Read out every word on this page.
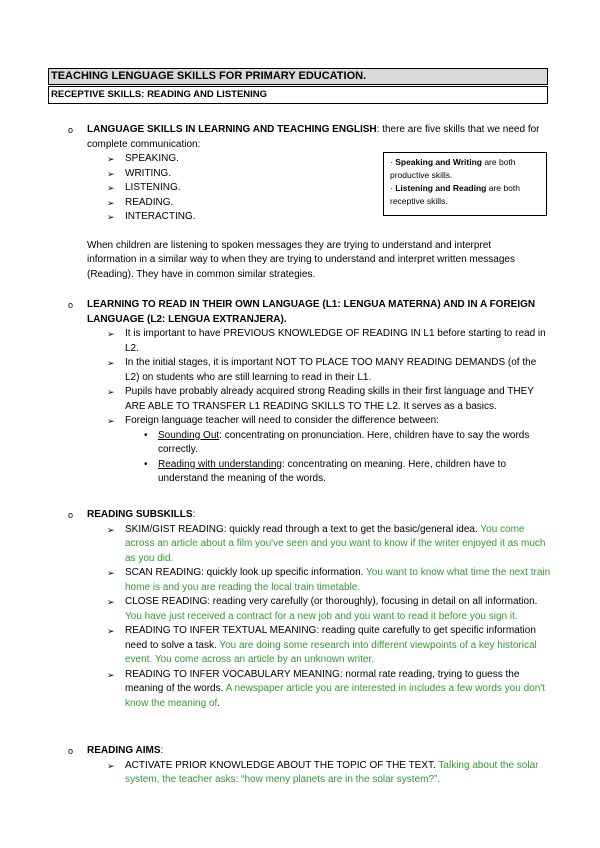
TEACHING LENGUAGE SKILLS FOR PRIMARY EDUCATION.
RECEPTIVE SKILLS: READING AND LISTENING

· Speaking and Writing are both productive skills.

· Listening and Reading are both receptive skills.

o LANGUAGE SKILLS IN LEARNING AND TEACHING ENGLISH: there are five skills that we need for complete communication:

➢ SPEAKING.
➢ WRITING.
➢ LISTENING.
➢ READING.
➢ INTERACTING.

When children are listening to spoken messages they are trying to understand and interpret information in a similar way to when they are trying to understand and interpret written messages (Reading). They have in common similar strategies.

o LEARNING TO READ IN THEIR OWN LANGUAGE (L1: LENGUA MATERNA) AND IN A FOREIGN LANGUAGE (L2: LENGUA EXTRANJERA).

➢ It is important to have PREVIOUS KNOWLEDGE OF READING IN L1 before starting to read in L2.
➢ In the initial stages, it is important NOT TO PLACE TOO MANY READING DEMANDS (of the L2) on students who are still learning to read in their L1.
➢ Pupils have probably already acquired strong Reading skills in their first language and THEY ARE ABLE TO TRANSFER L1 READING SKILLS TO THE L2. It serves as a basics.
➢ Foreign language teacher will need to consider the difference between:
• Sounding Out: concentrating on pronunciation. Here, children have to say the words correctly.
• Reading with understanding: concentrating on meaning. Here, children have to understand the meaning of the words.
o READING SUBSKILLS:

➢ SKIM/GIST READING: quickly read through a text to get the basic/general idea. You come across an article about a film you've seen and you want to know if the writer enjoyed it as much as you did.
➢ SCAN READING: quickly look up specific information. You want to know what time the next train home is and you are reading the local train timetable.
➢ CLOSE READING: reading very carefully (or thoroughly), focusing in detail on all information. You have just received a contract for a new job and you want to read it before you sign it.
➢ READING TO INFER TEXTUAL MEANING: reading quite carefully to get specific information need to solve a task. You are doing some research into different viewpoints of a key historical event. You come across an article by an unknown writer.
➢ READING TO INFER VOCABULARY MEANING: normal rate reading, trying to guess the meaning of the words. A newspaper article you are interested in includes a few words you don't know the meaning of.
o READING AIMS:

➢ ACTIVATE PRIOR KNOWLEDGE ABOUT THE TOPIC OF THE TEXT. Talking about the solar system, the teacher asks: “how meny planets are in the solar system?”.
